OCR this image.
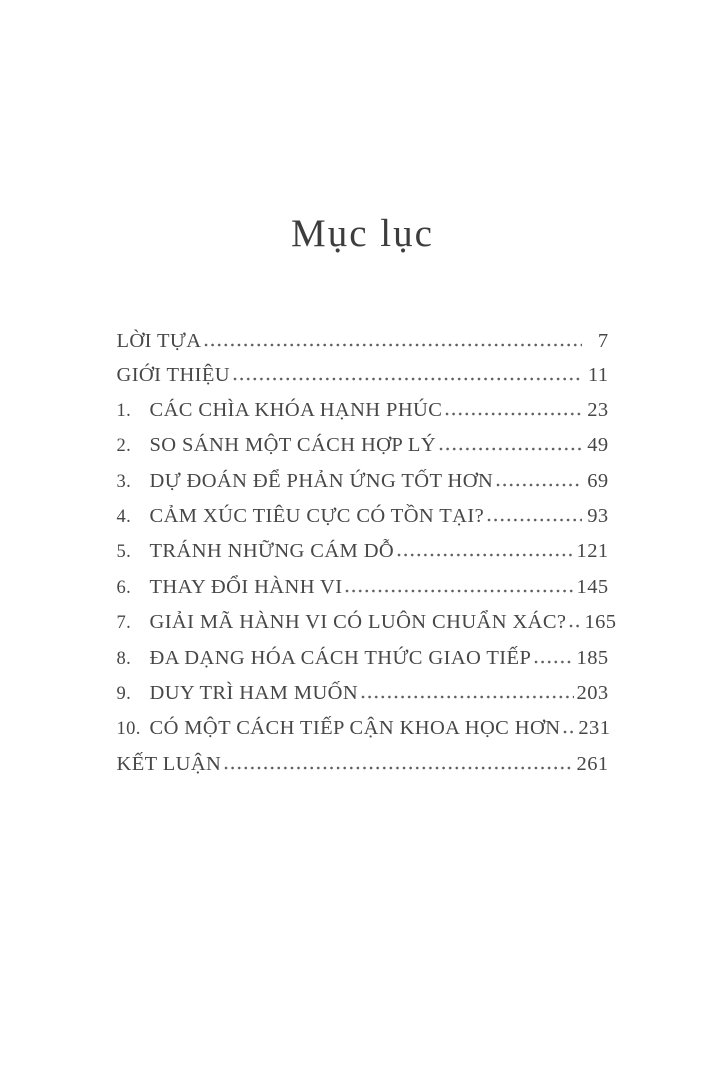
Mục lục
LỜI TỰA	7
GIỚI THIỆU	11
1. CÁC CHÌA KHÓA HẠNH PHÚC	23
2. SO SÁNH MỘT CÁCH HỢP LÝ	49
3. DỰ ĐOÁN ĐỂ PHẢN ỨNG TỐT HƠN	69
4. CẢM XÚC TIÊU CỰC CÓ TỒN TẠI?	93
5. TRÁNH NHỮNG CÁM DỖ	121
6. THAY ĐỔI HÀNH VI	145
7. GIẢI MÃ HÀNH VI CÓ LUÔN CHUẨN XÁC? 165
8. ĐA DẠNG HÓA CÁCH THỨC GIAO TIẾP 185
9. DUY TRÌ HAM MUỐN	203
10. CÓ MỘT CÁCH TIẾP CẬN KHOA HỌC HƠN 231
KẾT LUẬN	261
